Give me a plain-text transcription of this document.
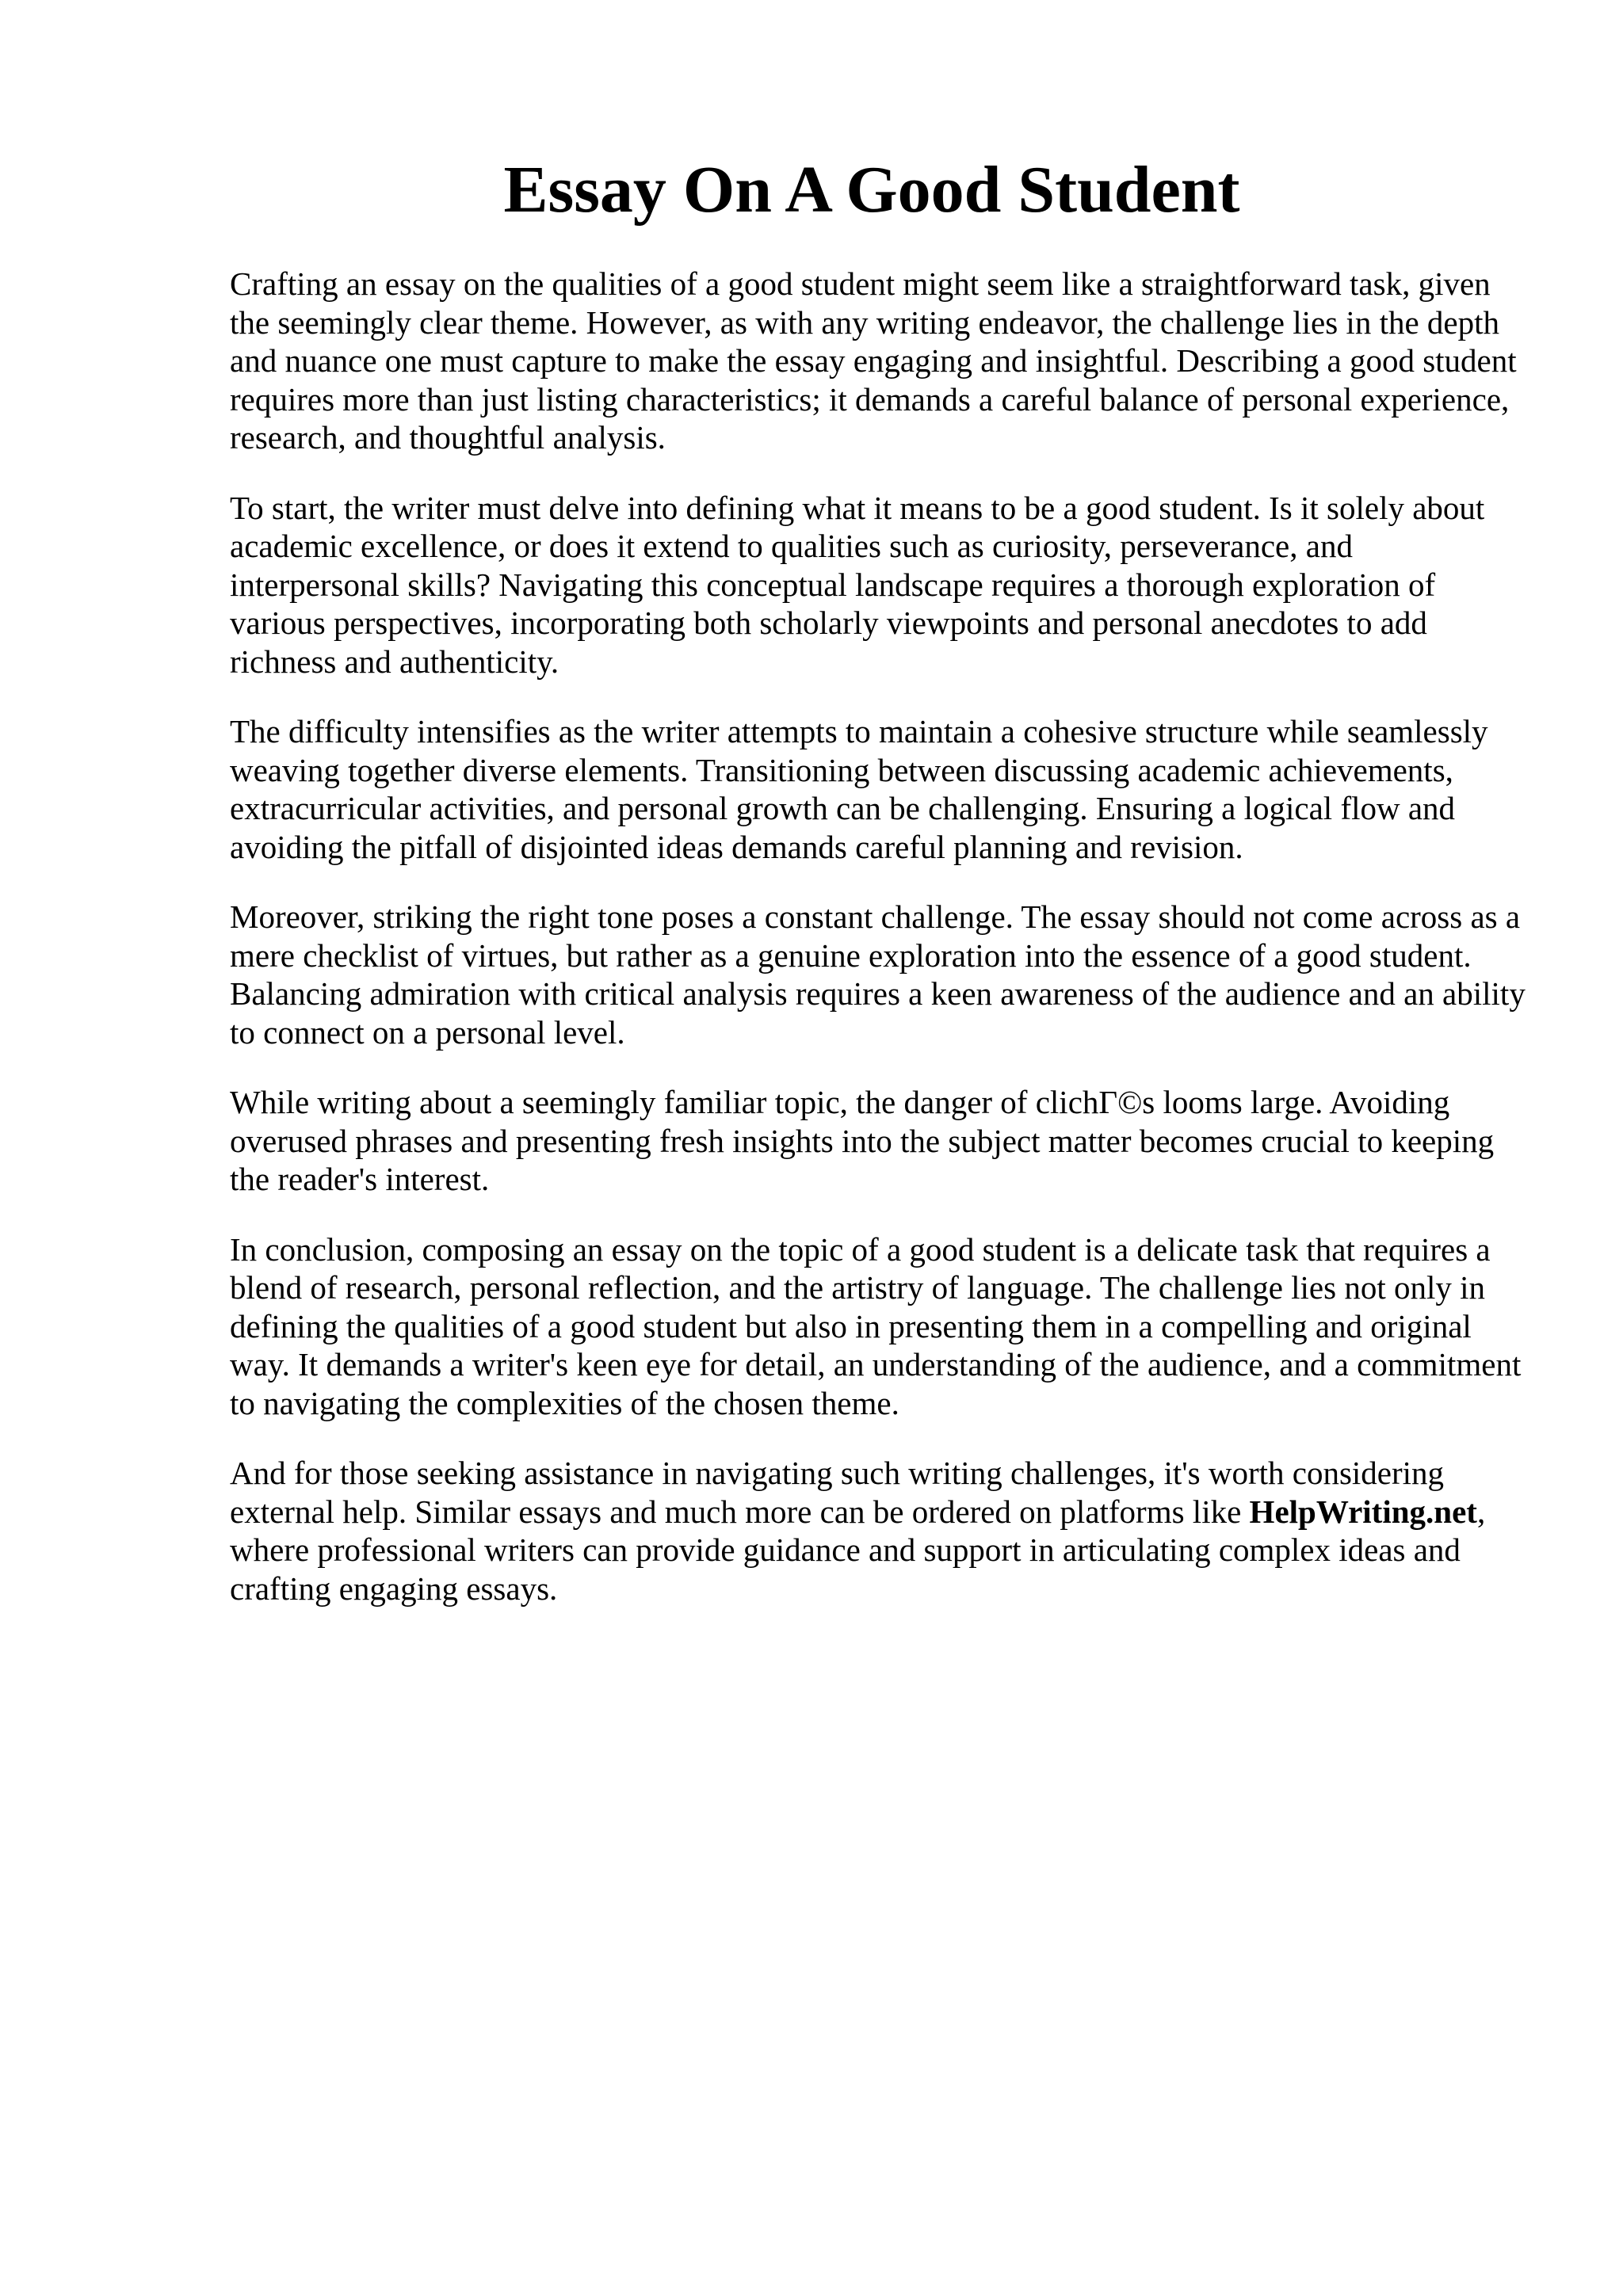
Essay On A Good Student

Crafting an essay on the qualities of a good student might seem like a straightforward task, given the seemingly clear theme. However, as with any writing endeavor, the challenge lies in the depth and nuance one must capture to make the essay engaging and insightful. Describing a good student requires more than just listing characteristics; it demands a careful balance of personal experience, research, and thoughtful analysis.

To start, the writer must delve into defining what it means to be a good student. Is it solely about academic excellence, or does it extend to qualities such as curiosity, perseverance, and interpersonal skills? Navigating this conceptual landscape requires a thorough exploration of various perspectives, incorporating both scholarly viewpoints and personal anecdotes to add richness and authenticity.

The difficulty intensifies as the writer attempts to maintain a cohesive structure while seamlessly weaving together diverse elements. Transitioning between discussing academic achievements, extracurricular activities, and personal growth can be challenging. Ensuring a logical flow and avoiding the pitfall of disjointed ideas demands careful planning and revision.

Moreover, striking the right tone poses a constant challenge. The essay should not come across as a mere checklist of virtues, but rather as a genuine exploration into the essence of a good student. Balancing admiration with critical analysis requires a keen awareness of the audience and an ability to connect on a personal level.

While writing about a seemingly familiar topic, the danger of clichΓ©s looms large. Avoiding overused phrases and presenting fresh insights into the subject matter becomes crucial to keeping the reader's interest.

In conclusion, composing an essay on the topic of a good student is a delicate task that requires a blend of research, personal reflection, and the artistry of language. The challenge lies not only in defining the qualities of a good student but also in presenting them in a compelling and original way. It demands a writer's keen eye for detail, an understanding of the audience, and a commitment to navigating the complexities of the chosen theme.

And for those seeking assistance in navigating such writing challenges, it's worth considering external help. Similar essays and much more can be ordered on platforms like HelpWriting.net, where professional writers can provide guidance and support in articulating complex ideas and crafting engaging essays.
